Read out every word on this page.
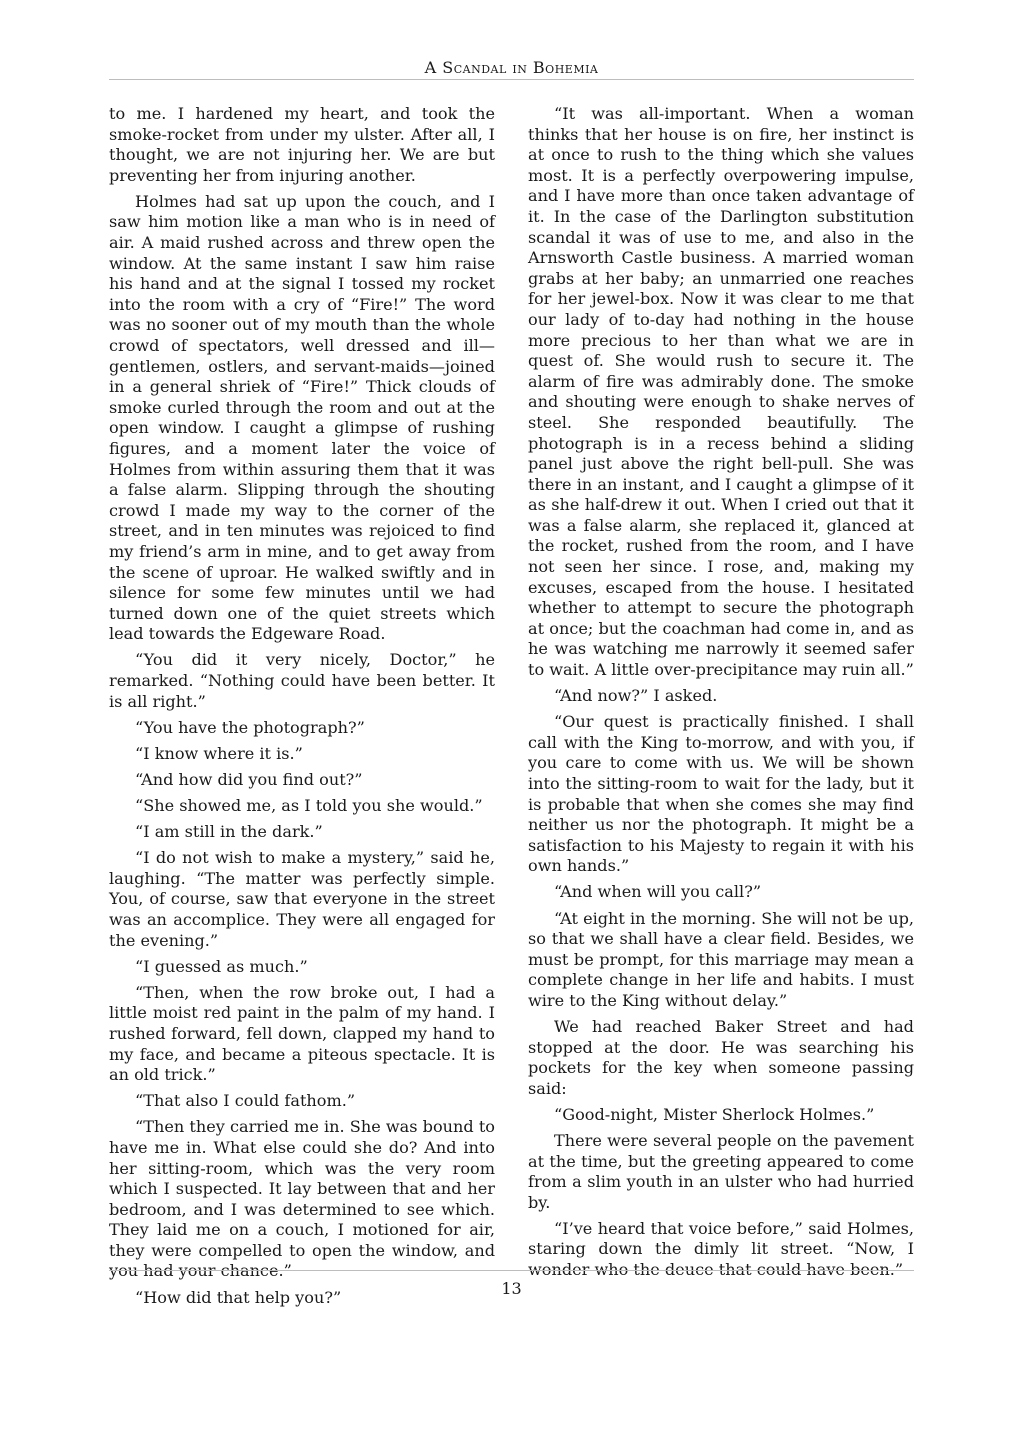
A Scandal in Bohemia

to me. I hardened my heart, and took the smoke-rocket from under my ulster. After all, I thought, we are not injuring her. We are but preventing her from injuring another.

Holmes had sat up upon the couch, and I saw him motion like a man who is in need of air. A maid rushed across and threw open the window. At the same instant I saw him raise his hand and at the signal I tossed my rocket into the room with a cry of “Fire!” The word was no sooner out of my mouth than the whole crowd of spectators, well dressed and ill—gentlemen, ostlers, and servant-maids—joined in a general shriek of “Fire!” Thick clouds of smoke curled through the room and out at the open window. I caught a glimpse of rushing figures, and a moment later the voice of Holmes from within assuring them that it was a false alarm. Slipping through the shouting crowd I made my way to the corner of the street, and in ten minutes was rejoiced to find my friend’s arm in mine, and to get away from the scene of uproar. He walked swiftly and in silence for some few minutes until we had turned down one of the quiet streets which lead towards the Edgeware Road.

“You did it very nicely, Doctor,” he remarked. “Nothing could have been better. It is all right.”

“You have the photograph?”

“I know where it is.”

“And how did you find out?”

“She showed me, as I told you she would.”

“I am still in the dark.”

“I do not wish to make a mystery,” said he, laughing. “The matter was perfectly simple. You, of course, saw that everyone in the street was an accomplice. They were all engaged for the evening.”

“I guessed as much.”

“Then, when the row broke out, I had a little moist red paint in the palm of my hand. I rushed forward, fell down, clapped my hand to my face, and became a piteous spectacle. It is an old trick.”

“That also I could fathom.”

“Then they carried me in. She was bound to have me in. What else could she do? And into her sitting-room, which was the very room which I suspected. It lay between that and her bedroom, and I was determined to see which. They laid me on a couch, I motioned for air, they were compelled to open the window, and you had your chance.”

“How did that help you?”

“It was all-important. When a woman thinks that her house is on fire, her instinct is at once to rush to the thing which she values most. It is a perfectly overpowering impulse, and I have more than once taken advantage of it. In the case of the Darlington substitution scandal it was of use to me, and also in the Arnsworth Castle business. A married woman grabs at her baby; an unmarried one reaches for her jewel-box. Now it was clear to me that our lady of to-day had nothing in the house more precious to her than what we are in quest of. She would rush to secure it. The alarm of fire was admirably done. The smoke and shouting were enough to shake nerves of steel. She responded beautifully. The photograph is in a recess behind a sliding panel just above the right bell-pull. She was there in an instant, and I caught a glimpse of it as she half-drew it out. When I cried out that it was a false alarm, she replaced it, glanced at the rocket, rushed from the room, and I have not seen her since. I rose, and, making my excuses, escaped from the house. I hesitated whether to attempt to secure the photograph at once; but the coachman had come in, and as he was watching me narrowly it seemed safer to wait. A little over-precipitance may ruin all.”

“And now?” I asked.

“Our quest is practically finished. I shall call with the King to-morrow, and with you, if you care to come with us. We will be shown into the sitting-room to wait for the lady, but it is probable that when she comes she may find neither us nor the photograph. It might be a satisfaction to his Majesty to regain it with his own hands.”

“And when will you call?”

“At eight in the morning. She will not be up, so that we shall have a clear field. Besides, we must be prompt, for this marriage may mean a complete change in her life and habits. I must wire to the King without delay.”

We had reached Baker Street and had stopped at the door. He was searching his pockets for the key when someone passing said:

“Good-night, Mister Sherlock Holmes.”

There were several people on the pavement at the time, but the greeting appeared to come from a slim youth in an ulster who had hurried by.

“I’ve heard that voice before,” said Holmes, staring down the dimly lit street. “Now, I wonder who the deuce that could have been.”

13
